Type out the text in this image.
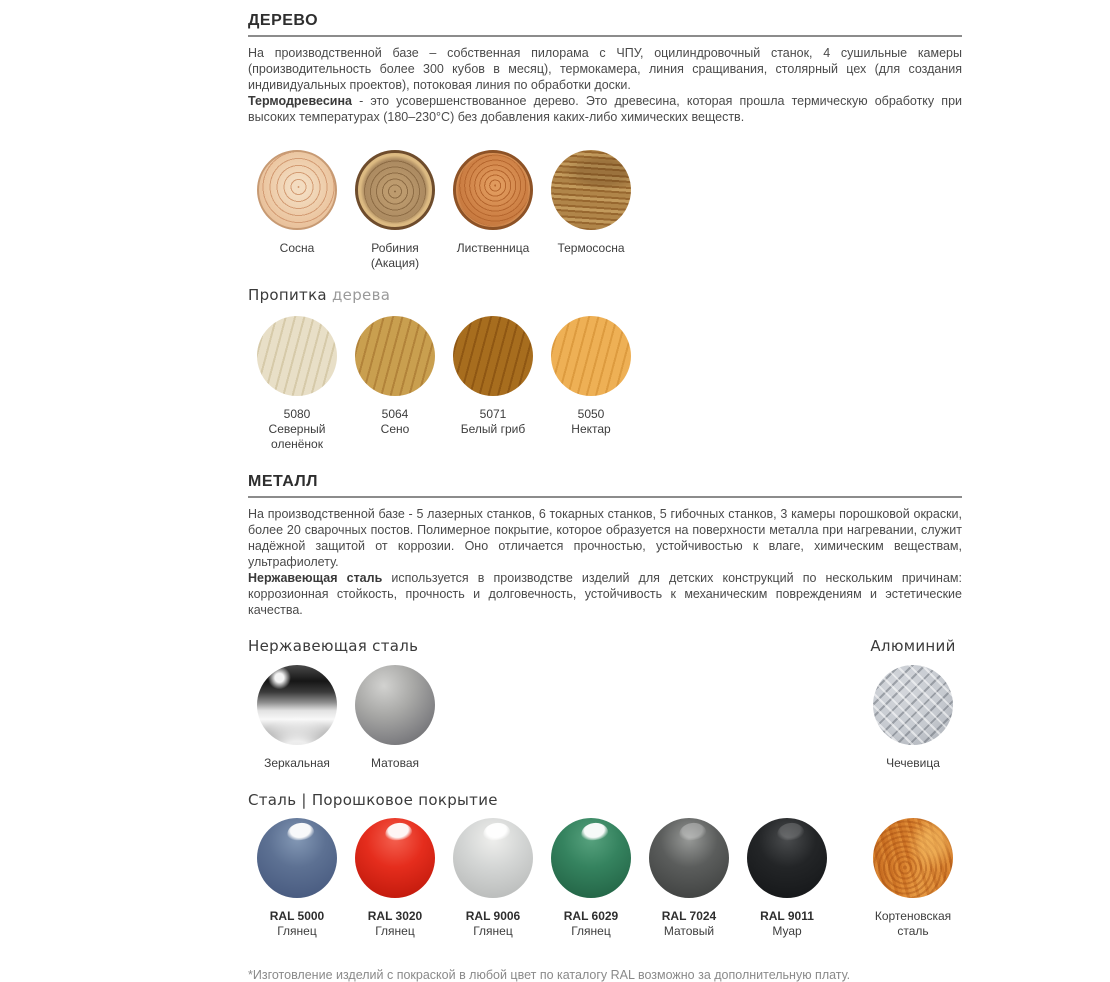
ДЕРЕВО

На производственной базе – собственная пилорама с ЧПУ, оцилиндровочный станок, 4 сушильные камеры (производительность более 300 кубов в месяц), термокамера, линия сращивания, столярный цех (для создания индивидуальных проектов), потоковая линия по обработки доски.

Термодревесина - это усовершенствованное дерево. Это древесина, которая прошла термическую обработку при высоких температурах (180–230°С) без добавления каких-либо химических веществ.

Сосна	Робиния (Акация)
Лиственница Термососна
Пропитка дерева
5080
Северный оленёнок
5064
Сено
5071
Белый гриб
5050
Нектар
МЕТАЛЛ

На производственной базе - 5 лазерных станков, 6 токарных станков, 5 гибочных станков, 3 камеры порошковой окраски, более 20 сварочных постов. Полимерное покрытие, которое образуется на поверхности металла при нагревании, служит надёжной защитой от коррозии. Оно отличается прочностью, устойчивостью к влаге, химическим веществам, ультрафиолету.

Нержавеющая сталь используется в производстве изделий для детских конструкций по нескольким причинам: коррозионная стойкость, прочность и долговечность, устойчивость к механическим повреждениям и эстетические качества.

Нержавеющая сталь
Зеркальная	Матовая
Алюминий
Чечевица
Сталь | Порошковое покрытие
RAL 5000
Глянец
RAL 3020
Глянец
RAL 9006
Глянец
RAL 6029
Глянец
RAL 7024
Матовый
RAL 9011
Муар
Кортеновская сталь

*Изготовление изделий с покраской в любой цвет по каталогу RAL возможно за дополнительную плату.
